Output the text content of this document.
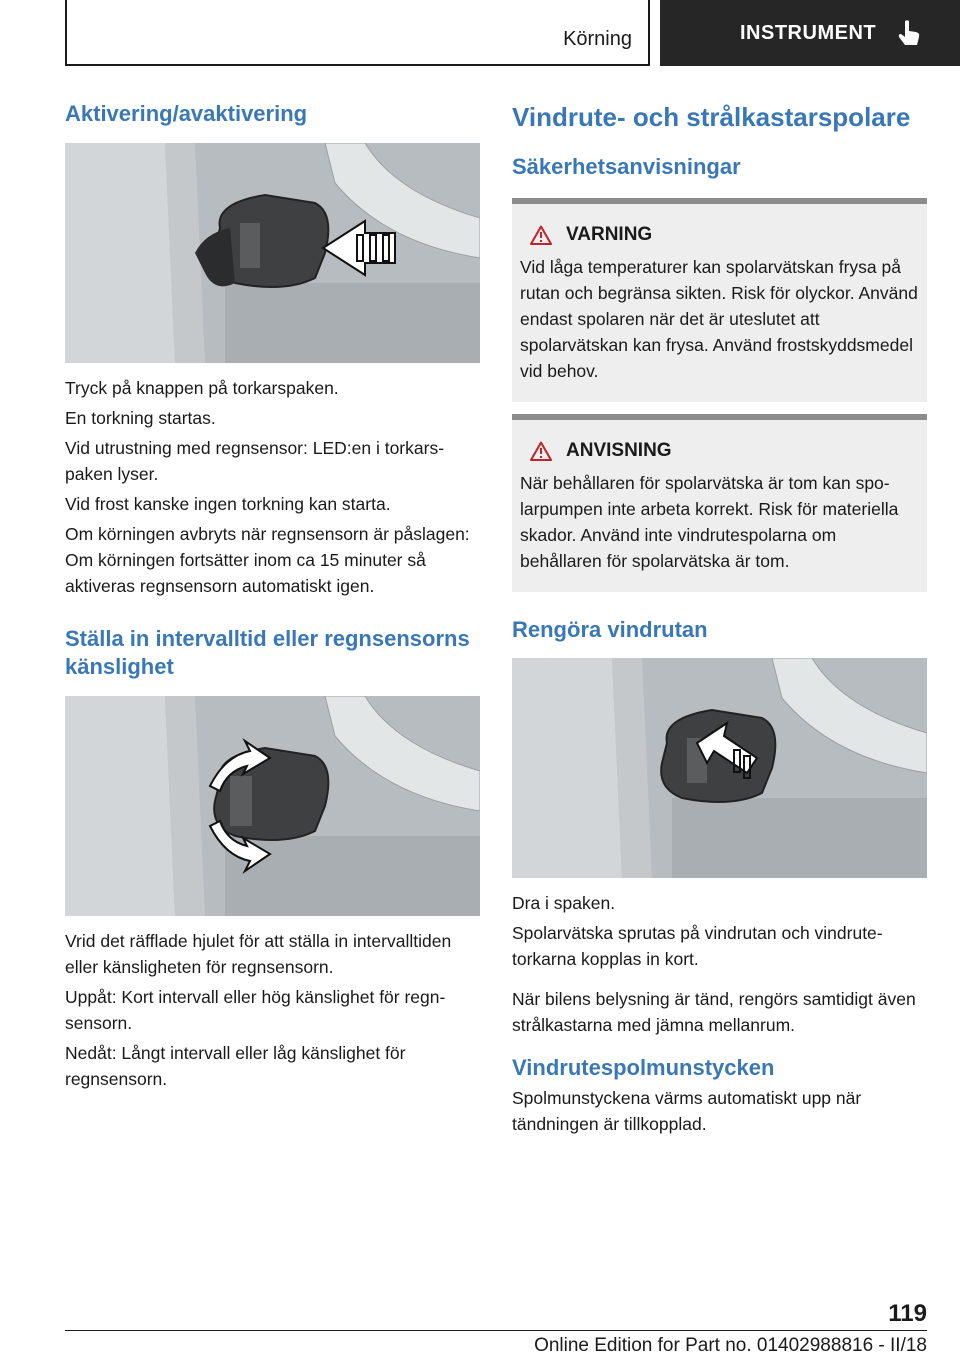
Körning	INSTRUMENT
Aktivering/avaktivering

Tryck på knappen på torkarspaken.

En torkning startas.

Vid utrustning med regnsensor: LED:en i torkarspaken lyser.

Vid frost kanske ingen torkning kan starta.

Om körningen avbryts när regnsensorn är påslagen: Om körningen fortsätter inom ca 15 minuter så aktiveras regnsensorn automatiskt igen.

Ställa in intervalltid eller regnsensorns känslighet

Vrid det räfflade hjulet för att ställa in intervalltiden eller känsligheten för regnsensorn.

Uppåt: Kort intervall eller hög känslighet för regnsensorn.

Nedåt: Långt intervall eller låg känslighet för regnsensorn.

Vindrute- och strålkastarspolare
Säkerhetsanvisningar
VARNING
Vid låga temperaturer kan spolarvätskan frysa på rutan och begränsa sikten. Risk för olyckor. Använd endast spolaren när det är uteslutet att spolarvätskan kan frysa. Använd frostskyddsmedel vid behov.
ANVISNING
När behållaren för spolarvätska är tom kan spolarpumpen inte arbeta korrekt. Risk för materiella skador. Använd inte vindrutespolarna om behållaren för spolarvätska är tom.
Rengöra vindrutan

Dra i spaken.

Spolarvätska sprutas på vindrutan och vindrutetorkarna kopplas in kort.

När bilens belysning är tänd, rengörs samtidigt även strålkastarna med jämna mellanrum.

Vindrutespolmunstycken

Spolmunstyckena värms automatiskt upp när tändningen är tillkopplad.

119
Online Edition for Part no. 01402988816 - II/18
